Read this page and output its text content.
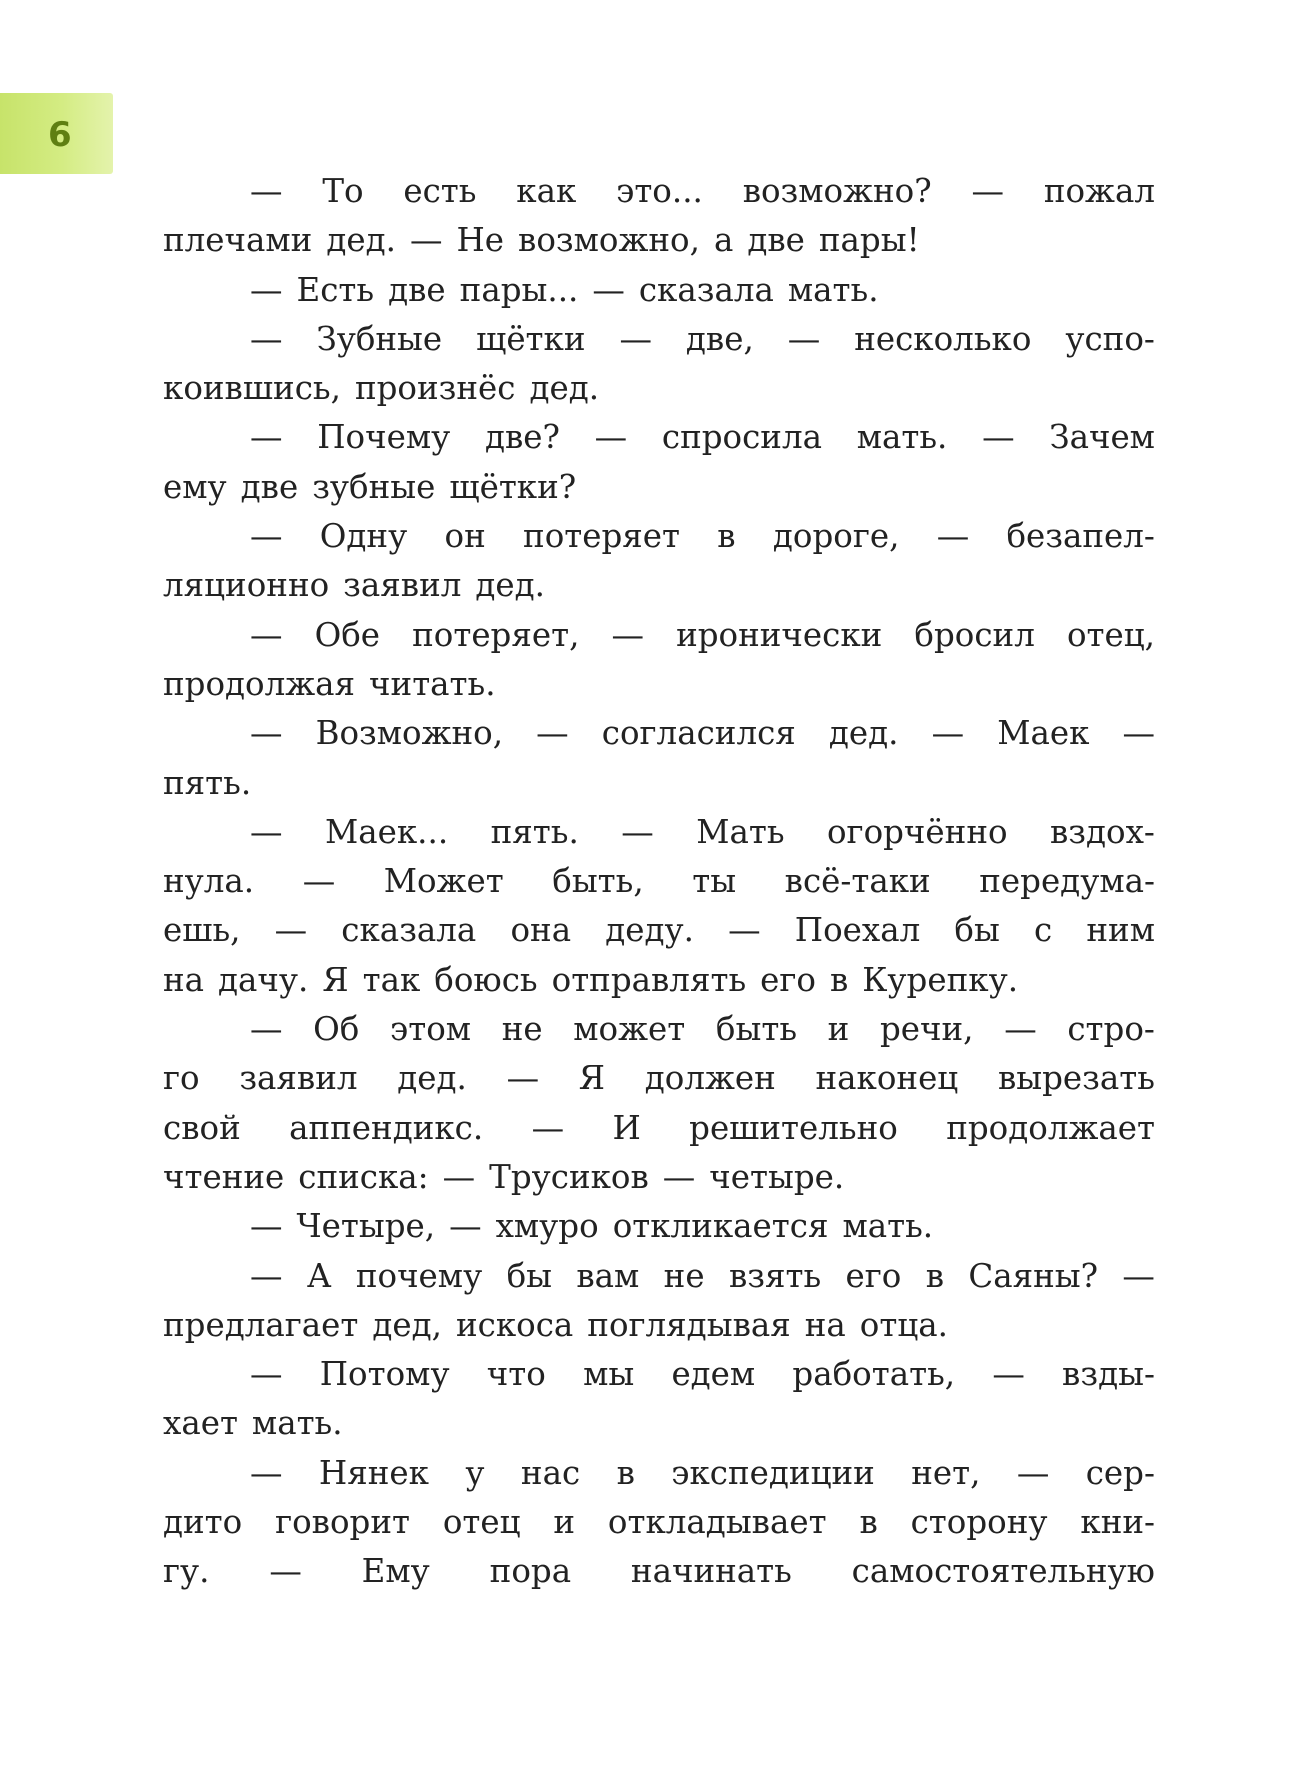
6
— То есть как это... возможно? — пожал
плечами дед. — Не возможно, а две пары!
— Есть две пары... — сказала мать.
— Зубные щётки — две, — несколько успо-
коившись, произнёс дед.
— Почему две? — спросила мать. — Зачем
ему две зубные щётки?
— Одну он потеряет в дороге, — безапел-
ляционно заявил дед.
— Обе потеряет, — иронически бросил отец,
продолжая читать.
— Возможно, — согласился дед. — Маек —
пять.
— Маек... пять. — Мать огорчённо вздох-
нула. — Может быть, ты всё-таки передума-
ешь, — сказала она деду. — Поехал бы с ним
на дачу. Я так боюсь отправлять его в Курепку.
— Об этом не может быть и речи, — стро-
го заявил дед. — Я должен наконец вырезать
свой аппендикс. — И решительно продолжает
чтение списка: — Трусиков — четыре.
— Четыре, — хмуро откликается мать.
— А почему бы вам не взять его в Саяны? —
предлагает дед, искоса поглядывая на отца.
— Потому что мы едем работать, — взды-
хает мать.
— Нянек у нас в экспедиции нет, — сер-
дито говорит отец и откладывает в сторону кни-
гу. — Ему пора начинать самостоятельную
